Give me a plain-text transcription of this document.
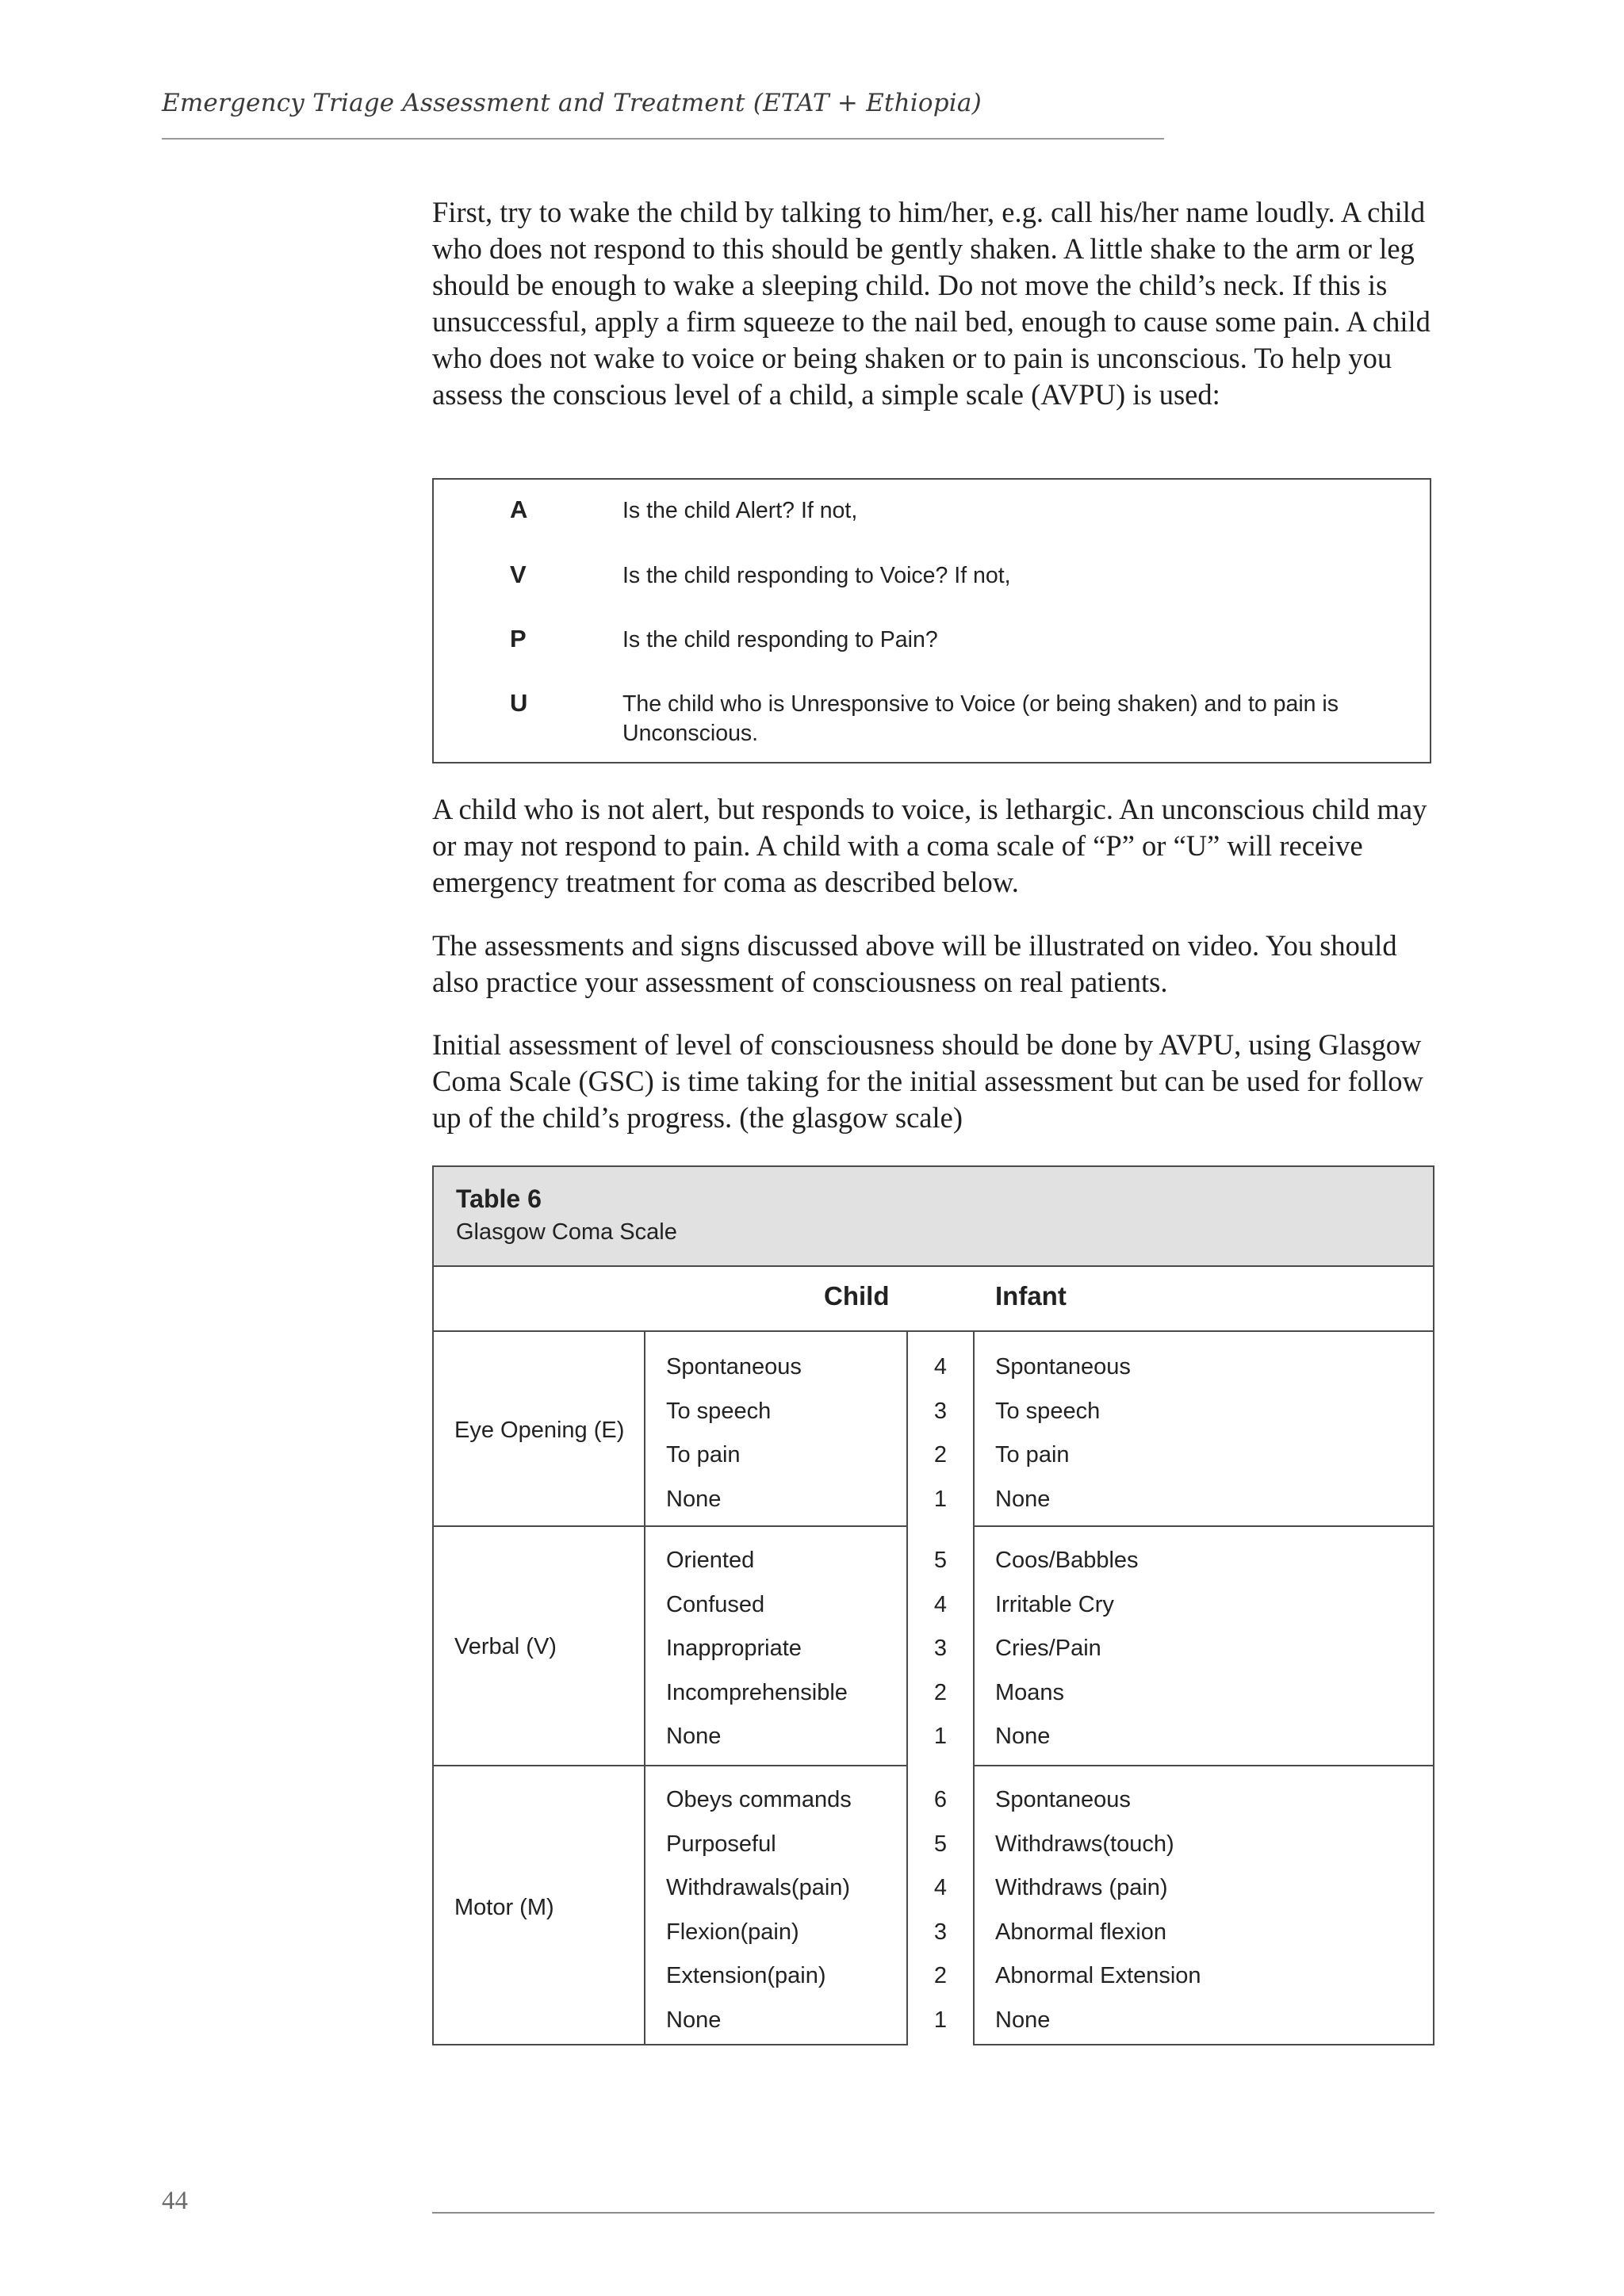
Emergency Triage Assessment and Treatment (ETAT + Ethiopia)

First, try to wake the child by talking to him/her, e.g. call his/her name loudly. A child who does not respond to this should be gently shaken. A little shake to the arm or leg should be enough to wake a sleeping child. Do not move the child’s neck. If this is unsuccessful, apply a firm squeeze to the nail bed, enough to cause some pain. A child who does not wake to voice or being shaken or to pain is unconscious. To help you assess the conscious level of a child, a simple scale (AVPU) is used:

A	Is the child Alert? If not,
V	Is the child responding to Voice? If not,
P	Is the child responding to Pain?
U	The child who is Unresponsive to Voice (or being shaken) and to pain is Unconscious.

A child who is not alert, but responds to voice, is lethargic. An unconscious child may or may not respond to pain. A child with a coma scale of “P” or “U” will receive emergency treatment for coma as described below.

The assessments and signs discussed above will be illustrated on video. You should also practice your assessment of consciousness on real patients.

Initial assessment of level of consciousness should be done by AVPU, using Glasgow Coma Scale (GSC) is time taking for the initial assessment but can be used for follow up of the child’s progress. (the glasgow scale)

Table 6
Glasgow Coma Scale
Child	Infant
Eye Opening (E)
Spontaneous	4 Spontaneous
To speech	3 To speech
To pain	2 To pain
None	1 None
Verbal (V)
Oriented	5 Coos/Babbles
Confused	4 Irritable Cry
Inappropriate	3 Cries/Pain
Incomprehensible	2 Moans
None	1 None
Motor (M)
Obeys commands	6 Spontaneous
Purposeful	5 Withdraws(touch)
Withdrawals(pain)	4 Withdraws (pain)
Flexion(pain)	3 Abnormal flexion
Extension(pain)	2 Abnormal Extension
None	1 None
44
